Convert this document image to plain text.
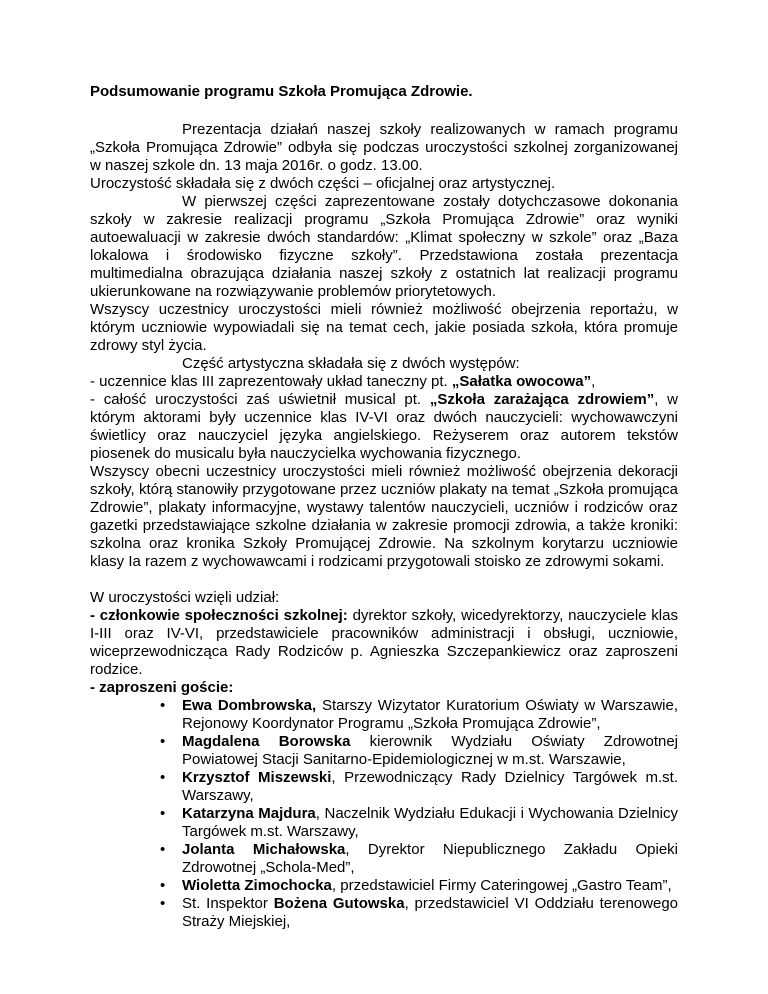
Podsumowanie programu Szkoła Promująca Zdrowie.

Prezentacja działań naszej szkoły realizowanych w ramach programu „Szkoła Promująca Zdrowie” odbyła się podczas uroczystości szkolnej zorganizowanej w naszej szkole dn. 13 maja 2016r. o godz. 13.00.

Uroczystość składała się z dwóch części – oficjalnej oraz artystycznej.

W pierwszej części zaprezentowane zostały dotychczasowe dokonania szkoły w zakresie realizacji programu „Szkoła Promująca Zdrowie” oraz wyniki autoewaluacji w zakresie dwóch standardów: „Klimat społeczny w szkole” oraz „Baza lokalowa i środowisko fizyczne szkoły”. Przedstawiona została prezentacja multimedialna obrazująca działania naszej szkoły z ostatnich lat realizacji programu ukierunkowane na rozwiązywanie problemów priorytetowych.

Wszyscy uczestnicy uroczystości mieli również możliwość obejrzenia reportażu, w którym uczniowie wypowiadali się na temat cech, jakie posiada szkoła, która promuje zdrowy styl życia.

Część artystyczna składała się z dwóch występów:

- uczennice klas III zaprezentowały układ taneczny pt. „Sałatka owocowa”,

- całość uroczystości zaś uświetnił musical pt. „Szkoła zarażająca zdrowiem”, w którym aktorami były uczennice klas IV-VI oraz dwóch nauczycieli: wychowawczyni świetlicy oraz nauczyciel języka angielskiego. Reżyserem oraz autorem tekstów piosenek do musicalu była nauczycielka wychowania fizycznego.

Wszyscy obecni uczestnicy uroczystości mieli również możliwość obejrzenia dekoracji szkoły, którą stanowiły przygotowane przez uczniów plakaty na temat „Szkoła promująca Zdrowie”, plakaty informacyjne, wystawy talentów nauczycieli, uczniów i rodziców oraz gazetki przedstawiające szkolne działania w zakresie promocji zdrowia, a także kroniki: szkolna oraz kronika Szkoły Promującej Zdrowie. Na szkolnym korytarzu uczniowie klasy Ia razem z wychowawcami i rodzicami przygotowali stoisko ze zdrowymi sokami.

W uroczystości wzięli udział:

- członkowie społeczności szkolnej: dyrektor szkoły, wicedyrektorzy, nauczyciele klas I-III oraz IV-VI, przedstawiciele pracowników administracji i obsługi, uczniowie, wiceprzewodnicząca Rady Rodziców p. Agnieszka Szczepankiewicz oraz zaproszeni rodzice.

- zaproszeni goście:

• Ewa Dombrowska, Starszy Wizytator Kuratorium Oświaty w Warszawie, Rejonowy Koordynator Programu „Szkoła Promująca Zdrowie”,
• Magdalena Borowska kierownik Wydziału Oświaty Zdrowotnej Powiatowej Stacji Sanitarno-Epidemiologicznej w m.st. Warszawie,
• Krzysztof Miszewski, Przewodniczący Rady Dzielnicy Targówek m.st. Warszawy,
• Katarzyna Majdura, Naczelnik Wydziału Edukacji i Wychowania Dzielnicy Targówek m.st. Warszawy,
• Jolanta Michałowska, Dyrektor Niepublicznego Zakładu Opieki Zdrowotnej „Schola-Med”,
• Wioletta Zimochocka, przedstawiciel Firmy Cateringowej „Gastro Team”,
• St. Inspektor Bożena Gutowska, przedstawiciel VI Oddziału terenowego Straży Miejskiej,
